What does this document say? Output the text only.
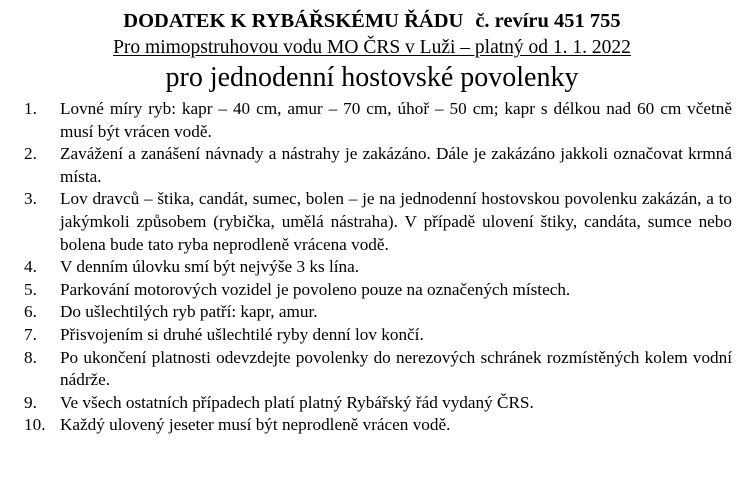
DODATEK K RYBÁŘSKÉMU ŘÁDU č. revíru 451 755
Pro mimopstruhovou vodu MO ČRS v Luži – platný od 1. 1. 2022
pro jednodenní hostovské povolenky
1.	Lovné míry ryb: kapr – 40 cm, amur – 70 cm, úhoř – 50 cm; kapr s délkou nad 60 cm včetně musí být vrácen vodě.
2.	Zavážení a zanášení návnady a nástrahy je zakázáno. Dále je zakázáno jakkoli označovat krmná místa.
3.	Lov dravců – štika, candát, sumec, bolen – je na jednodenní hostovskou povolenku zakázán, a to jakýmkoli způsobem (rybička, umělá nástraha). V případě ulovení štiky, candáta, sumce nebo bolena bude tato ryba neprodleně vrácena vodě.
4.	V denním úlovku smí být nejvýše 3 ks lína.
5.	Parkování motorových vozidel je povoleno pouze na označených místech.
6.	Do ušlechtilých ryb patří: kapr, amur.
7.	Přisvojením si druhé ušlechtilé ryby denní lov končí.
8.	Po ukončení platnosti odevzdejte povolenky do nerezových schránek rozmístěných kolem vodní nádrže.
9.	Ve všech ostatních případech platí platný Rybářský řád vydaný ČRS.
10. Každý ulovený jeseter musí být neprodleně vrácen vodě.
